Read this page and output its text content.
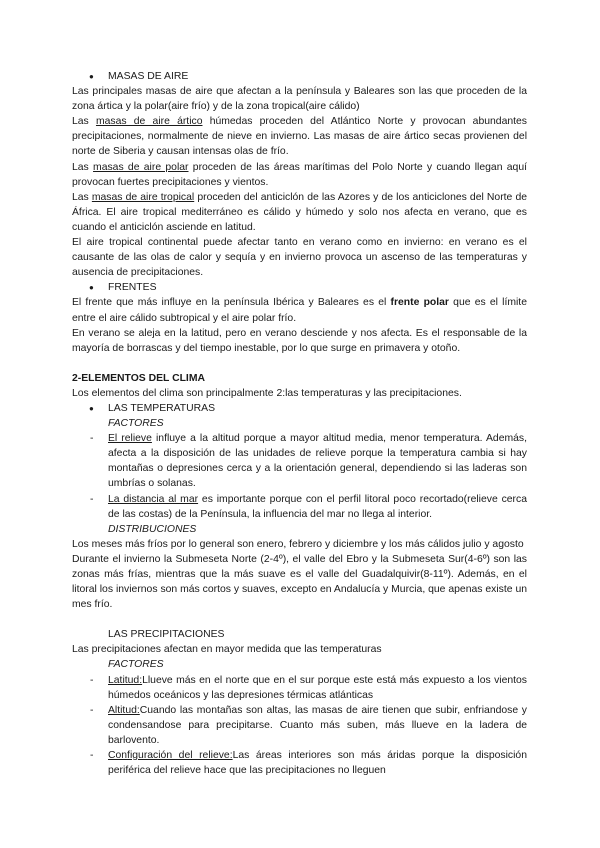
● MASAS DE AIRE

Las principales masas de aire que afectan a la península y Baleares son las que proceden de la zona ártica y la polar(aire frío) y de la zona tropical(aire cálido)

Las masas de aire ártico húmedas proceden del Atlántico Norte y provocan abundantes precipitaciones, normalmente de nieve en invierno. Las masas de aire ártico secas provienen del norte de Siberia y causan intensas olas de frío.

Las masas de aire polar proceden de las áreas marítimas del Polo Norte y cuando llegan aquí provocan fuertes precipitaciones y vientos.

Las masas de aire tropical proceden del anticiclón de las Azores y de los anticiclones del Norte de África. El aire tropical mediterráneo es cálido y húmedo y solo nos afecta en verano, que es cuando el anticiclón asciende en latitud.

El aire tropical continental puede afectar tanto en verano como en invierno: en verano es el causante de las olas de calor y sequía y en invierno provoca un ascenso de las temperaturas y ausencia de precipitaciones.

● FRENTES

El frente que más influye en la península Ibérica y Baleares es el frente polar que es el límite entre el aire cálido subtropical y el aire polar frío.

En verano se aleja en la latitud, pero en verano desciende y nos afecta. Es el responsable de la mayoría de borrascas y del tiempo inestable, por lo que surge en primavera y otoño.

2-ELEMENTOS DEL CLIMA

Los elementos del clima son principalmente 2:las temperaturas y las precipitaciones.

● LAS TEMPERATURAS

FACTORES

- El relieve influye a la altitud porque a mayor altitud media, menor temperatura. Además, afecta a la disposición de las unidades de relieve porque la temperatura cambia si hay montañas o depresiones cerca y a la orientación general, dependiendo si las laderas son umbrías o solanas.

- La distancia al mar es importante porque con el perfil litoral poco recortado(relieve cerca de las costas) de la Península, la influencia del mar no llega al interior.

DISTRIBUCIONES

Los meses más fríos por lo general son enero, febrero y diciembre y los más cálidos julio y agosto

Durante el invierno la Submeseta Norte (2-4º), el valle del Ebro y la Submeseta Sur(4-6º) son las zonas más frías, mientras que la más suave es el valle del Guadalquivir(8-11º). Además, en el litoral los inviernos son más cortos y suaves, excepto en Andalucía y Murcia, que apenas existe un mes frío.

LAS PRECIPITACIONES

Las precipitaciones afectan en mayor medida que las temperaturas

FACTORES

- Latitud:Llueve más en el norte que en el sur porque este está más expuesto a los vientos húmedos oceánicos y las depresiones térmicas atlánticas

- Altitud:Cuando las montañas son altas, las masas de aire tienen que subir, enfriandose y condensandose para precipitarse. Cuanto más suben, más llueve en la ladera de barlovento.

- Configuración del relieve:Las áreas interiores son más áridas porque la disposición periférica del relieve hace que las precipitaciones no lleguen
